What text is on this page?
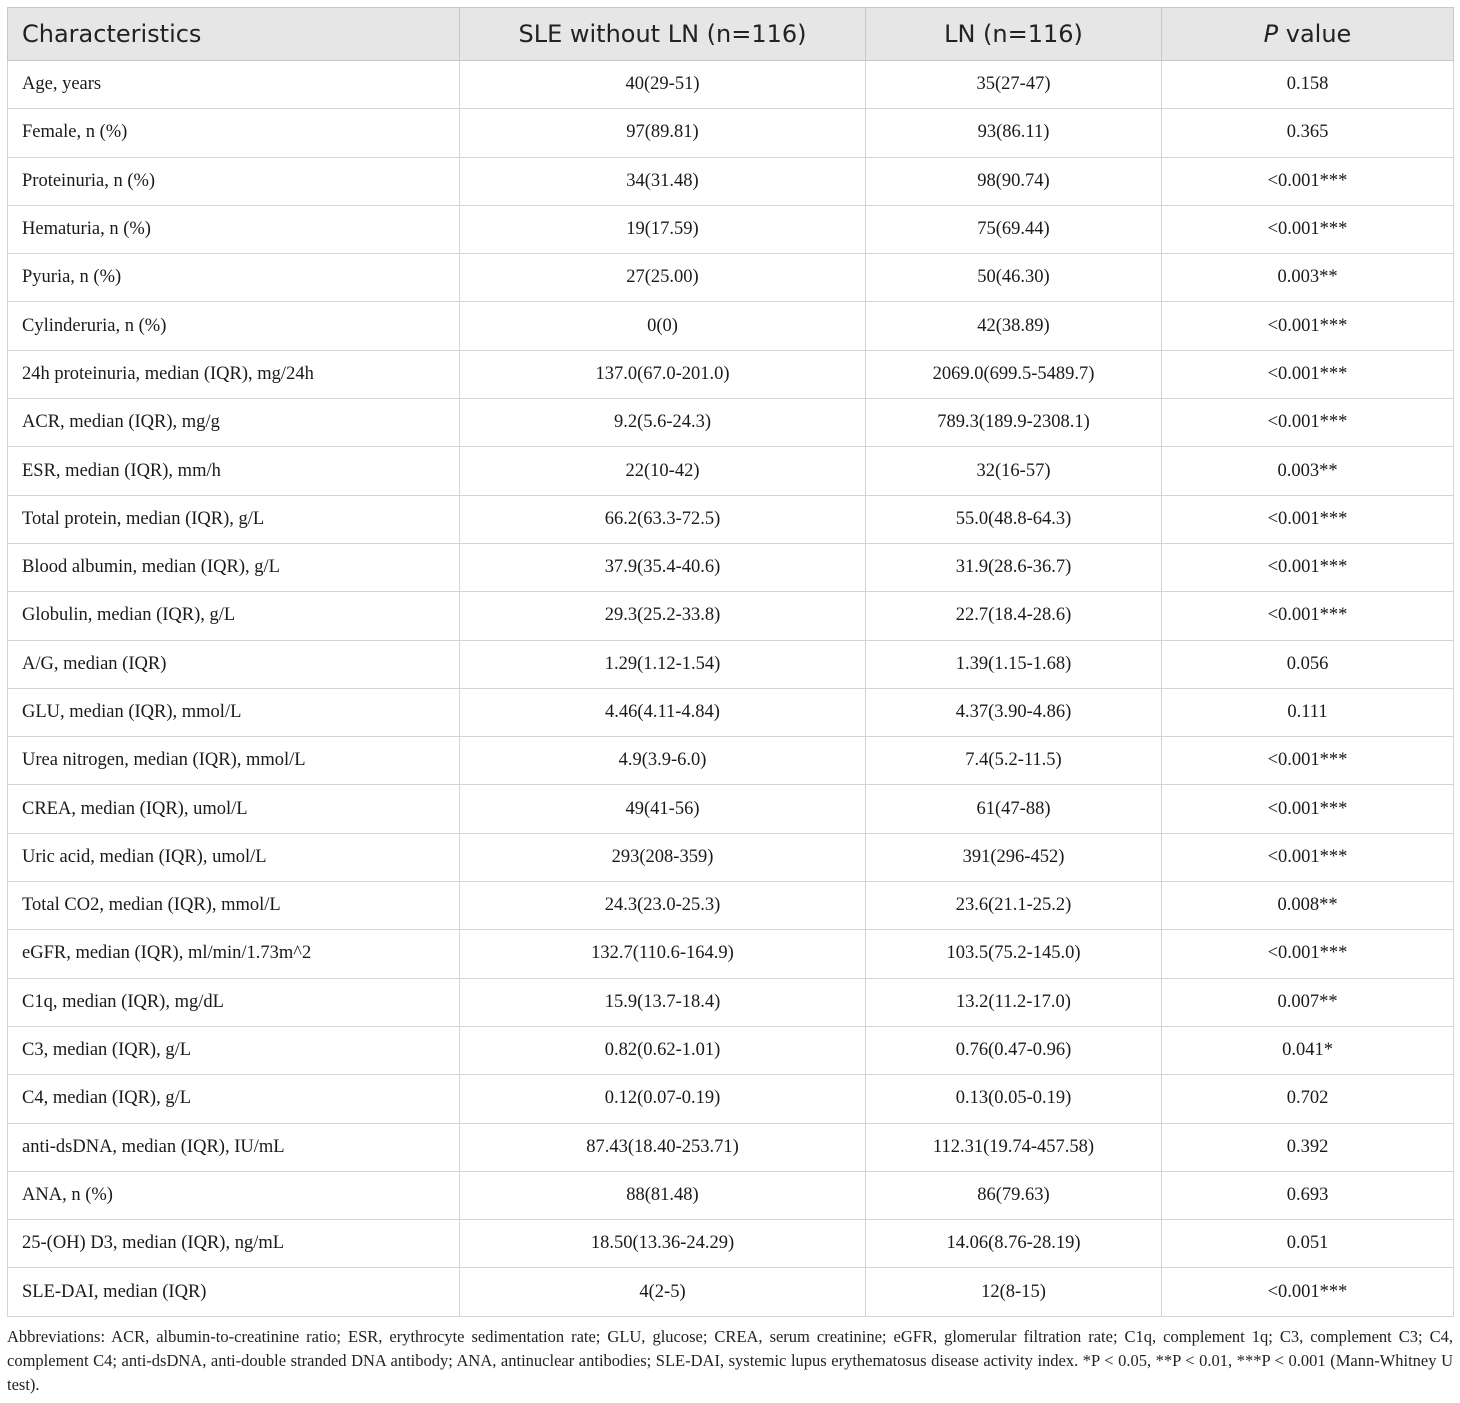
Characteristics	SLE without LN (n=116)	LN (n=116)	P value
Age, years	40(29-51)	35(27-47)	0.158
Female, n (%)	97(89.81)	93(86.11)	0.365
Proteinuria, n (%)	34(31.48)	98(90.74)	<0.001***
Hematuria, n (%)	19(17.59)	75(69.44)	<0.001***
Pyuria, n (%)	27(25.00)	50(46.30)	0.003**
Cylinderuria, n (%)	0(0)	42(38.89)	<0.001***
24h proteinuria, median (IQR), mg/24h	137.0(67.0-201.0)	2069.0(699.5-5489.7)	<0.001***
ACR, median (IQR), mg/g	9.2(5.6-24.3)	789.3(189.9-2308.1)	<0.001***
ESR, median (IQR), mm/h	22(10-42)	32(16-57)	0.003**
Total protein, median (IQR), g/L	66.2(63.3-72.5)	55.0(48.8-64.3)	<0.001***
Blood albumin, median (IQR), g/L	37.9(35.4-40.6)	31.9(28.6-36.7)	<0.001***
Globulin, median (IQR), g/L	29.3(25.2-33.8)	22.7(18.4-28.6)	<0.001***
A/G, median (IQR)	1.29(1.12-1.54)	1.39(1.15-1.68)	0.056
GLU, median (IQR), mmol/L	4.46(4.11-4.84)	4.37(3.90-4.86)	0.111
Urea nitrogen, median (IQR), mmol/L	4.9(3.9-6.0)	7.4(5.2-11.5)	<0.001***
CREA, median (IQR), umol/L	49(41-56)	61(47-88)	<0.001***
Uric acid, median (IQR), umol/L	293(208-359)	391(296-452)	<0.001***
Total CO2, median (IQR), mmol/L	24.3(23.0-25.3)	23.6(21.1-25.2)	0.008**
eGFR, median (IQR), ml/min/1.73m^2	132.7(110.6-164.9)	103.5(75.2-145.0)	<0.001***
C1q, median (IQR), mg/dL	15.9(13.7-18.4)	13.2(11.2-17.0)	0.007**
C3, median (IQR), g/L	0.82(0.62-1.01)	0.76(0.47-0.96)	0.041*
C4, median (IQR), g/L	0.12(0.07-0.19)	0.13(0.05-0.19)	0.702
anti-dsDNA, median (IQR), IU/mL	87.43(18.40-253.71)	112.31(19.74-457.58)	0.392
ANA, n (%)	88(81.48)	86(79.63)	0.693
25-(OH) D3, median (IQR), ng/mL	18.50(13.36-24.29)	14.06(8.76-28.19)	0.051
SLE-DAI, median (IQR)	4(2-5)	12(8-15)	<0.001***
Abbreviations: ACR, albumin-to-creatinine ratio; ESR, erythrocyte sedimentation rate; GLU, glucose; CREA, serum creatinine; eGFR, glomerular filtration rate; C1q, complement 1q; C3, complement C3; C4, complement C4; anti-dsDNA, anti-double stranded DNA antibody; ANA, antinuclear antibodies; SLE-DAI, systemic lupus erythematosus disease activity index. *P < 0.05, **P < 0.01, ***P < 0.001 (Mann-Whitney U test).
